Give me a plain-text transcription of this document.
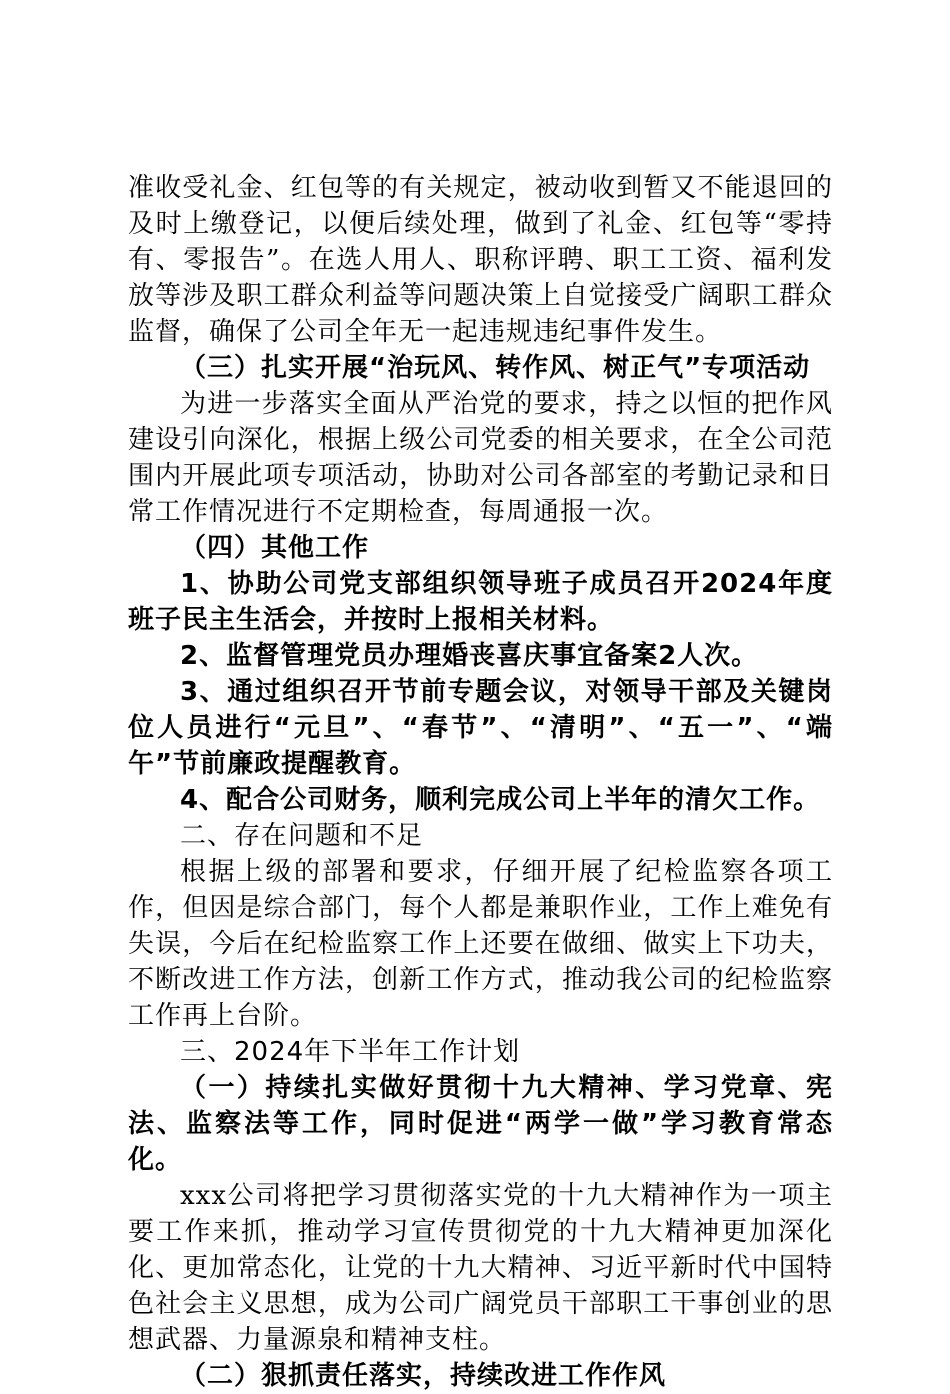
准收受礼金、红包等的有关规定，被动收到暂又不能退回的及时上缴登记，以便后续处理，做到了礼金、红包等“零持有、零报告”。在选人用人、职称评聘、职工工资、福利发放等涉及职工群众利益等问题决策上自觉接受广阔职工群众监督，确保了公司全年无一起违规违纪事件发生。

（三）扎实开展“治玩风、转作风、树正气”专项活动

为进一步落实全面从严治党的要求，持之以恒的把作风建设引向深化，根据上级公司党委的相关要求，在全公司范围内开展此项专项活动，协助对公司各部室的考勤记录和日常工作情况进行不定期检查，每周通报一次。

（四）其他工作

1、协助公司党支部组织领导班子成员召开2024年度班子民主生活会，并按时上报相关材料。

2、监督管理党员办理婚丧喜庆事宜备案2人次。

3、通过组织召开节前专题会议，对领导干部及关键岗位人员进行“元旦”、“春节”、“清明”、“五一”、“端午”节前廉政提醒教育。

4、配合公司财务，顺利完成公司上半年的清欠工作。

二、存在问题和不足

根据上级的部署和要求，仔细开展了纪检监察各项工作，但因是综合部门，每个人都是兼职作业，工作上难免有失误，今后在纪检监察工作上还要在做细、做实上下功夫，不断改进工作方法，创新工作方式，推动我公司的纪检监察工作再上台阶。

三、2024年下半年工作计划

（一）持续扎实做好贯彻十九大精神、学习党章、宪法、监察法等工作，同时促进“两学一做”学习教育常态化。

xxx公司将把学习贯彻落实党的十九大精神作为一项主要工作来抓，推动学习宣传贯彻党的十九大精神更加深化化、更加常态化，让党的十九大精神、习近平新时代中国特色社会主义思想，成为公司广阔党员干部职工干事创业的思想武器、力量源泉和精神支柱。

（二）狠抓责任落实，持续改进工作作风
